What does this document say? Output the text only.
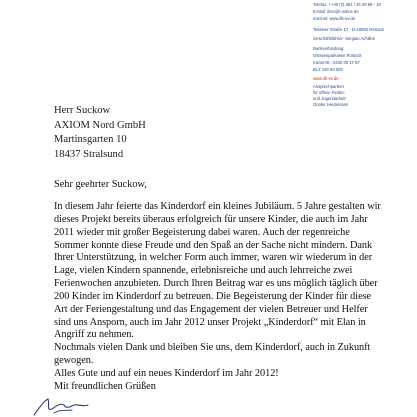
Telefax: ++49 (0) 381 / 25 28 99 - 19
E-Mail: ibev@t-online.de
Internet: www.ilb-ev.de
Tessiner Straße 17 · D-18055 Rostock
Geschäftsführer: Sergian Achilles
Bankverbindung:
Ostseesparkasse Rostock
Konto-Nr.: 0430 00 17 87
BLZ 130 50 000
www.ilb-ev.de
Ansprechpartner
für offene Kinder-
und Jugendarbeit:
Günter Heidemann
Herr Suckow
AXIOM Nord GmbH
Martinsgarten 10
18437 Stralsund
Sehr geehrter Suckow,
In diesem Jahr feierte das Kinderdorf ein kleines Jubiläum. 5 Jahre gestalten wir
dieses Projekt bereits überaus erfolgreich für unsere Kinder, die auch im Jahr
2011 wieder mit großer Begeisterung dabei waren. Auch der regenreiche
Sommer konnte diese Freude und den Spaß an der Sache nicht mindern. Dank
Ihrer Unterstützung, in welcher Form auch immer, waren wir wiederum in der
Lage, vielen Kindern spannende, erlebnisreiche und auch lehrreiche zwei
Ferienwochen anzubieten. Durch Ihren Beitrag war es uns möglich täglich über
200 Kinder im Kinderdorf zu betreuen. Die Begeisterung der Kinder für diese
Art der Feriengestaltung und das Engagement der vielen Betreuer und Helfer
sind uns Ansporn, auch im Jahr 2012 unser Projekt „Kinderdorf“ mit Elan in
Angriff zu nehmen.
Nochmals vielen Dank und bleiben Sie uns, dem Kinderdorf, auch in Zukunft
gewogen.
Alles Gute und auf ein neues Kinderdorf im Jahr 2012!
Mit freundlichen Grüßen
